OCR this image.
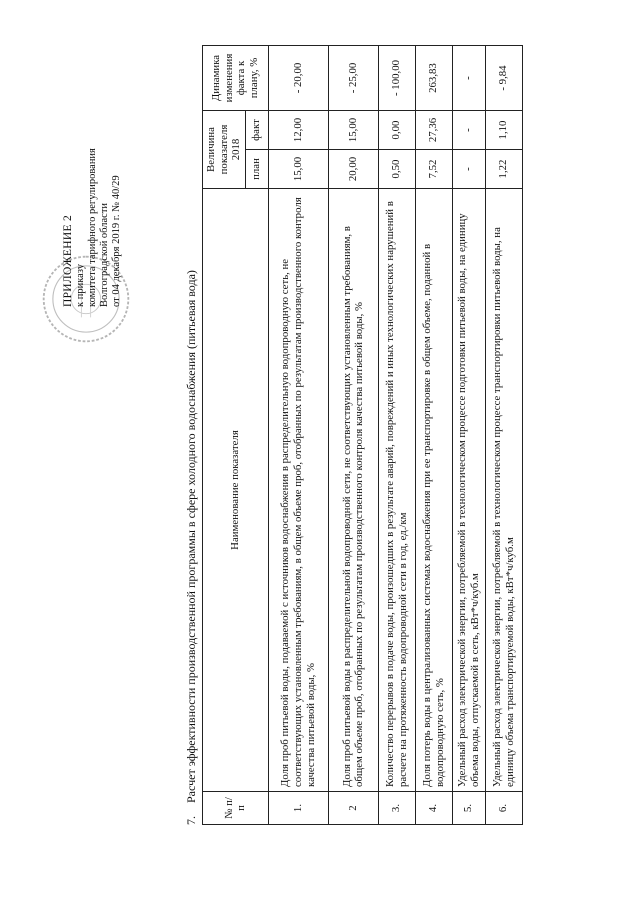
ПРИЛОЖЕНИЕ 2 к приказу комитета тарифного регулирования Волгоградской области от 04 декабря 2019 г. № 40/29
7. Расчет эффективности производственной программы в сфере холодного водоснабжения (питьевая вода)
№ п/п	Наименование показателя	Величина показателя 2018		Динамика изменения факта к плану, %
		план	факт	
1.	Доля проб питьевой воды, подаваемой с источников водоснабжения в распределительную водопроводную сеть, не соответствующих установленным требованиям, в общем объеме проб, отобранных по результатам производственного контроля качества питьевой воды, %	15,00	12,00	- 20,00
2	Доля проб питьевой воды в распределительной водопроводной сети, не соответствующих установленным требованиям, в общем объеме проб, отобранных по результатам производственного контроля качества питьевой воды, %	20,00	15,00	- 25,00
3.	Количество перерывов в подаче воды, произошедших в результате аварий, повреждений и иных технологических нарушений в расчете на протяженность водопроводной сети в год, ед./км	0,50	0,00	- 100,00
4.	Доля потерь воды в централизованных системах водоснабжения при ее транспортировке в общем объеме, поданной в водопроводную сеть, %	7,52	27,36	263,83
5.	Удельный расход электрической энергии, потребляемой в технологическом процессе подготовки питьевой воды, на единицу объема воды, отпускаемой в сеть, кВт*ч/куб.м	-	-	-
6.	Удельный расход электрической энергии, потребляемой в технологическом процессе транспортировки питьевой воды, на единицу объема транспортируемой воды, кВт*ч/куб.м	1,22	1,10	- 9,84
